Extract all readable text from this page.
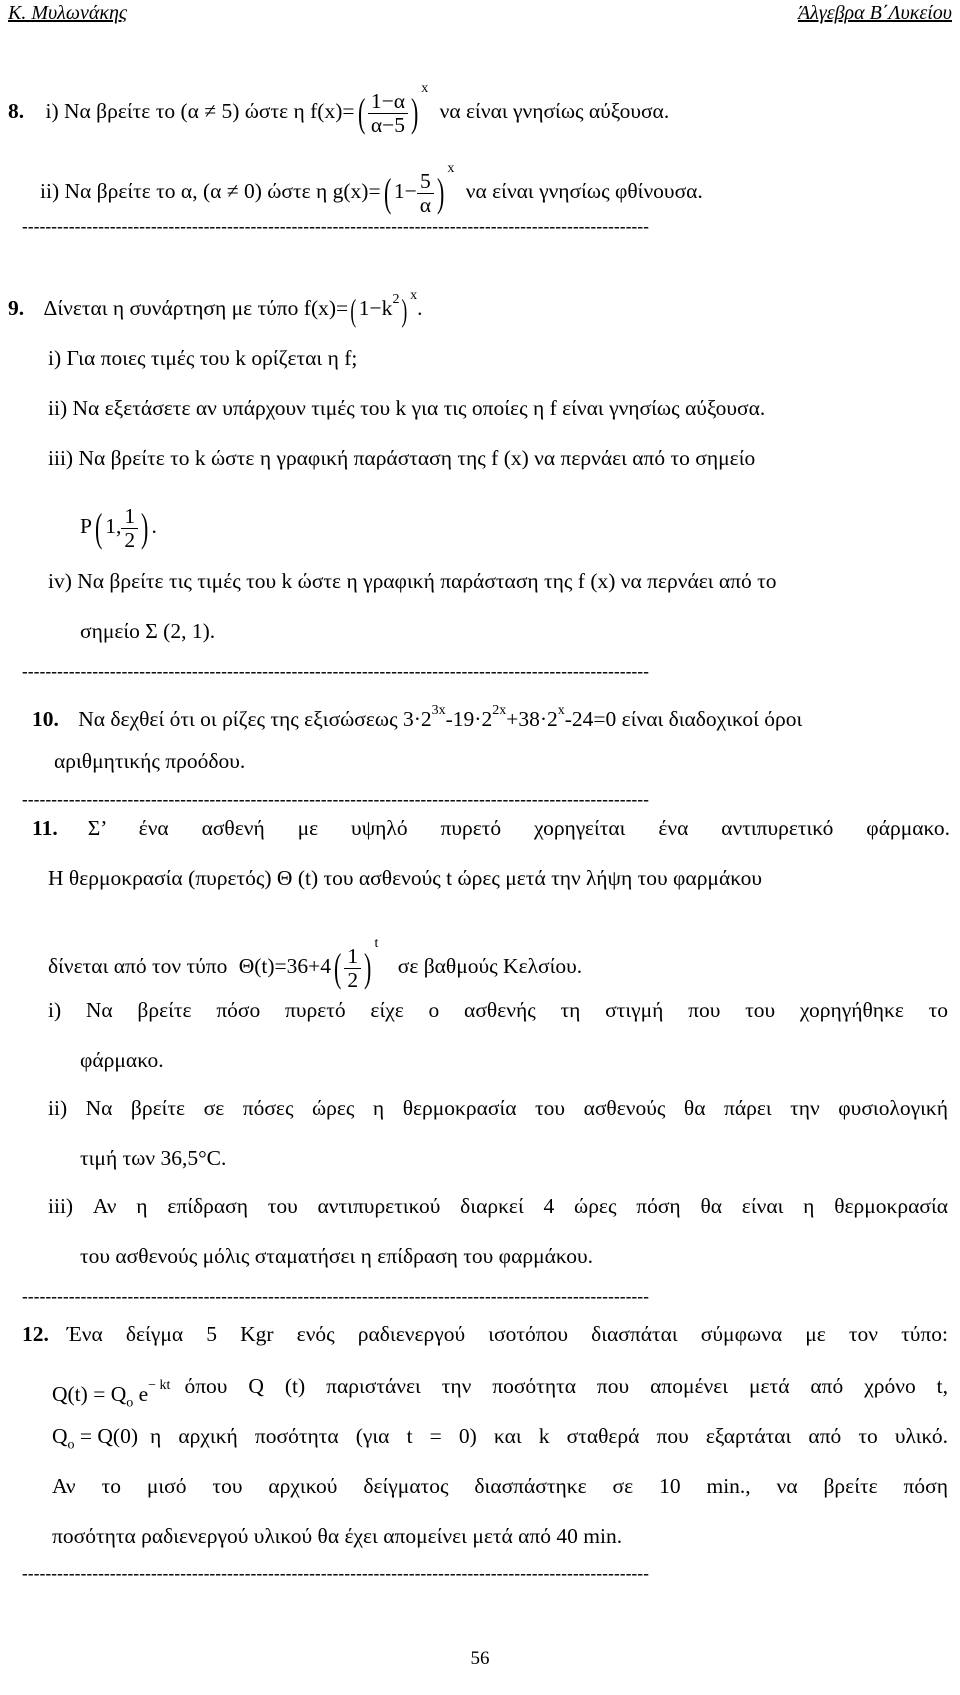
Κ. Μυλωνάκης	Άλγεβρα Β΄Λυκείου
8. i) Να βρείτε το (α ≠ 5) ώστε η $f(x)=( \frac{1-\alpha}{\alpha-5} )^x$ να είναι γνησίως αύξουσα.
ii) Να βρείτε το α, (α ≠ 0) ώστε η g(x)=( $1- \frac{5}{\alpha} )^x$ να είναι γνησίως φθίνουσα.
-----------------------------------------------------------------------------------------------------------
9. Δίνεται η συνάρτηση με τύπο f(x)=( $1-k^2$) $^x$.
i) Για ποιες τιμές του k ορίζεται η f;
ii) Να εξετάσετε αν υπάρχουν τιμές του k για τις οποίες η f είναι γνησίως αύξουσα.
iii) Να βρείτε το k ώστε η γραφική παράσταση της f (x) να περνάει από το σημείο
P( 1, $\frac{1}{2}$ ) .
iv) Να βρείτε τις τιμές του k ώστε η γραφική παράσταση της f (x) να περνάει από το
σημείο Σ (2, 1).
-----------------------------------------------------------------------------------------------------------
10. Να δεχθεί ότι οι ρίζες της εξισώσεως $3\cdot 2^{3x}-19\cdot 2^{2x}+38\cdot 2^x-24=0$ είναι διαδοχικοί όροι
αριθμητικής προόδου.
-----------------------------------------------------------------------------------------------------------
11. Σ’ ένα ασθενή με υψηλό πυρετό χορηγείται ένα αντιπυρετικό φάρμακο.
Η θερμοκρασία (πυρετός) Θ (t) του ασθενούς t ώρες μετά την λήψη του φαρμάκου
δίνεται από τον τύπο $\Theta(t)=36+4( \frac{1}{2} )^t$ σε βαθμούς Κελσίου.
i) Να βρείτε πόσο πυρετό είχε ο ασθενής τη στιγμή που του χορηγήθηκε το
φάρμακο.
ii) Να βρείτε σε πόσες ώρες η θερμοκρασία του ασθενούς θα πάρει την φυσιολογική
τιμή των 36,5°C.
iii) Αν η επίδραση του αντιπυρετικού διαρκεί 4 ώρες πόση θα είναι η θερμοκρασία
του ασθενούς μόλις σταματήσει η επίδραση του φαρμάκου.
-----------------------------------------------------------------------------------------------------------
12. Ένα δείγμα 5 Kgr ενός ραδιενεργού ισοτόπου διασπάται σύμφωνα με τον τύπο:
$Q(t) = Q_o$ $e^{- kt}$ όπου Q (t) παριστάνει την ποσότητα που απομένει μετά από χρόνο t,
$Q_o = Q(0)$ η αρχική ποσότητα (για t = 0) και k σταθερά που εξαρτάται από το υλικό.
Αν το μισό του αρχικού δείγματος διασπάστηκε σε 10 min., να βρείτε πόση
ποσότητα ραδιενεργού υλικού θα έχει απομείνει μετά από 40 min.
-----------------------------------------------------------------------------------------------------------
56
